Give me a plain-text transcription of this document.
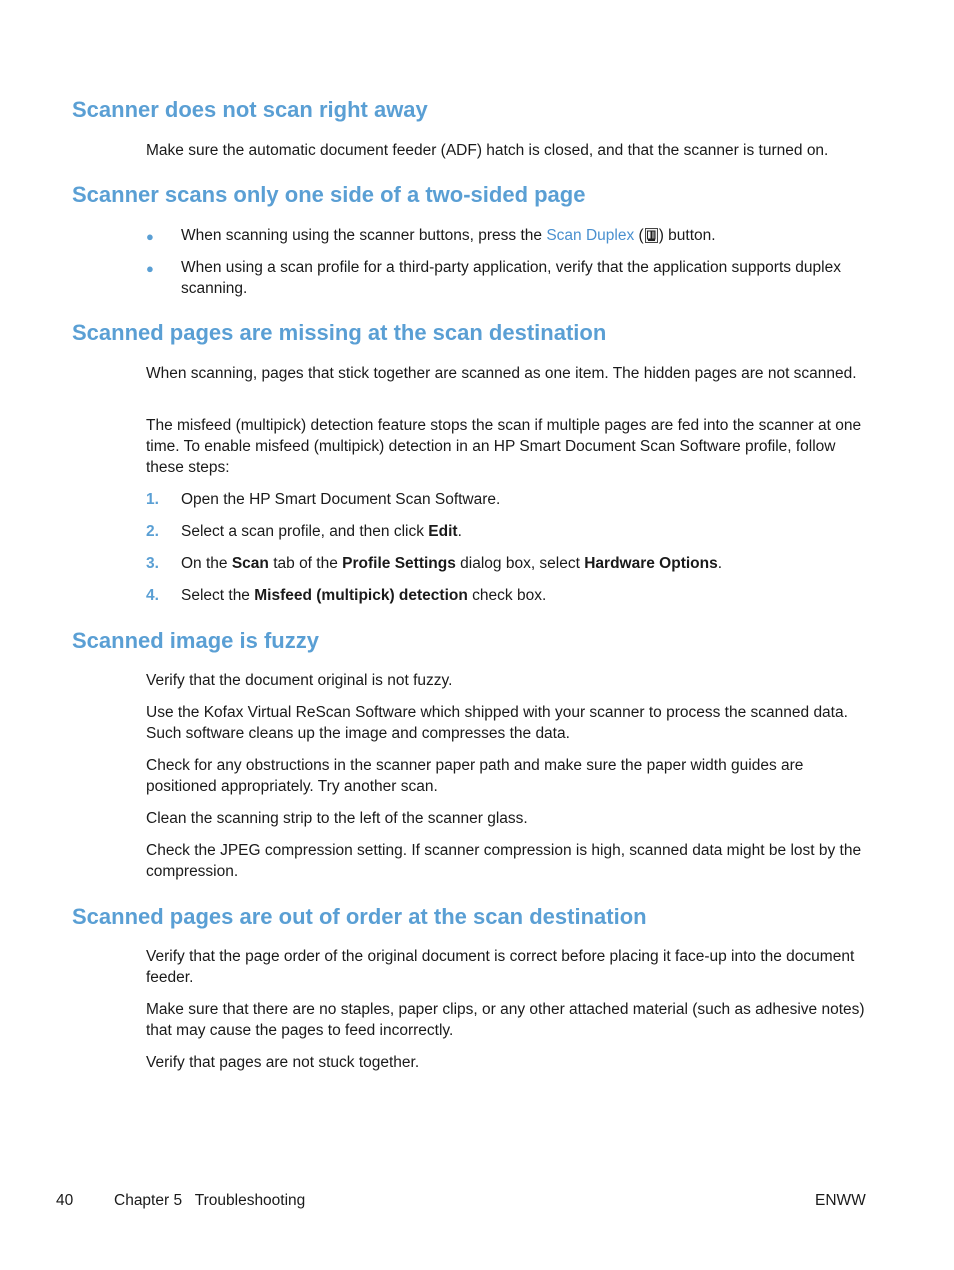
Scanner does not scan right away

Make sure the automatic document feeder (ADF) hatch is closed, and that the scanner is turned on.

Scanner scans only one side of a two-sided page
●	When scanning using the scanner buttons, press the Scan Duplex ( ) button.
●	When using a scan profile for a third-party application, verify that the application supports duplex scanning.
Scanned pages are missing at the scan destination

When scanning, pages that stick together are scanned as one item. The hidden pages are not scanned.

The misfeed (multipick) detection feature stops the scan if multiple pages are fed into the scanner at one time. To enable misfeed (multipick) detection in an HP Smart Document Scan Software profile, follow these steps:

1.	Open the HP Smart Document Scan Software.
2.	Select a scan profile, and then click Edit.
3.	On the Scan tab of the Profile Settings dialog box, select Hardware Options.
4.	Select the Misfeed (multipick) detection check box.
Scanned image is fuzzy

Verify that the document original is not fuzzy.

Use the Kofax Virtual ReScan Software which shipped with your scanner to process the scanned data. Such software cleans up the image and compresses the data.

Check for any obstructions in the scanner paper path and make sure the paper width guides are positioned appropriately. Try another scan.

Clean the scanning strip to the left of the scanner glass.

Check the JPEG compression setting. If scanner compression is high, scanned data might be lost by the compression.

Scanned pages are out of order at the scan destination

Verify that the page order of the original document is correct before placing it face-up into the document feeder.

Make sure that there are no staples, paper clips, or any other attached material (such as adhesive notes) that may cause the pages to feed incorrectly.

Verify that pages are not stuck together.

40	Chapter 5   Troubleshooting	ENWW
